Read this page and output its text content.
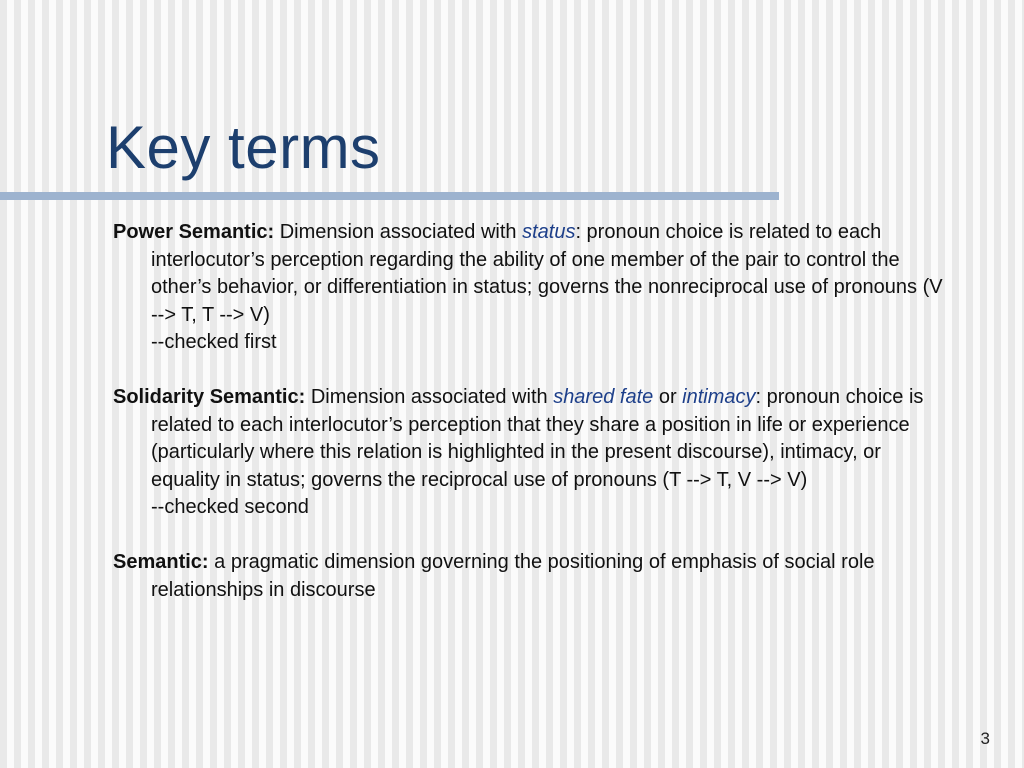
Key terms

Power Semantic: Dimension associated with status: pronoun choice is related to each interlocutor’s perception regarding the ability of one member of the pair to control the other’s behavior, or differentiation in status; governs the nonreciprocal use of pronouns (V --> T, T --> V)
--checked first

Solidarity Semantic: Dimension associated with shared fate or intimacy: pronoun choice is related to each interlocutor’s perception that they share a position in life or experience (particularly where this relation is highlighted in the present discourse), intimacy, or equality in status; governs the reciprocal use of pronouns (T --> T, V --> V)
--checked second

Semantic: a pragmatic dimension governing the positioning of emphasis of social role relationships in discourse

3
